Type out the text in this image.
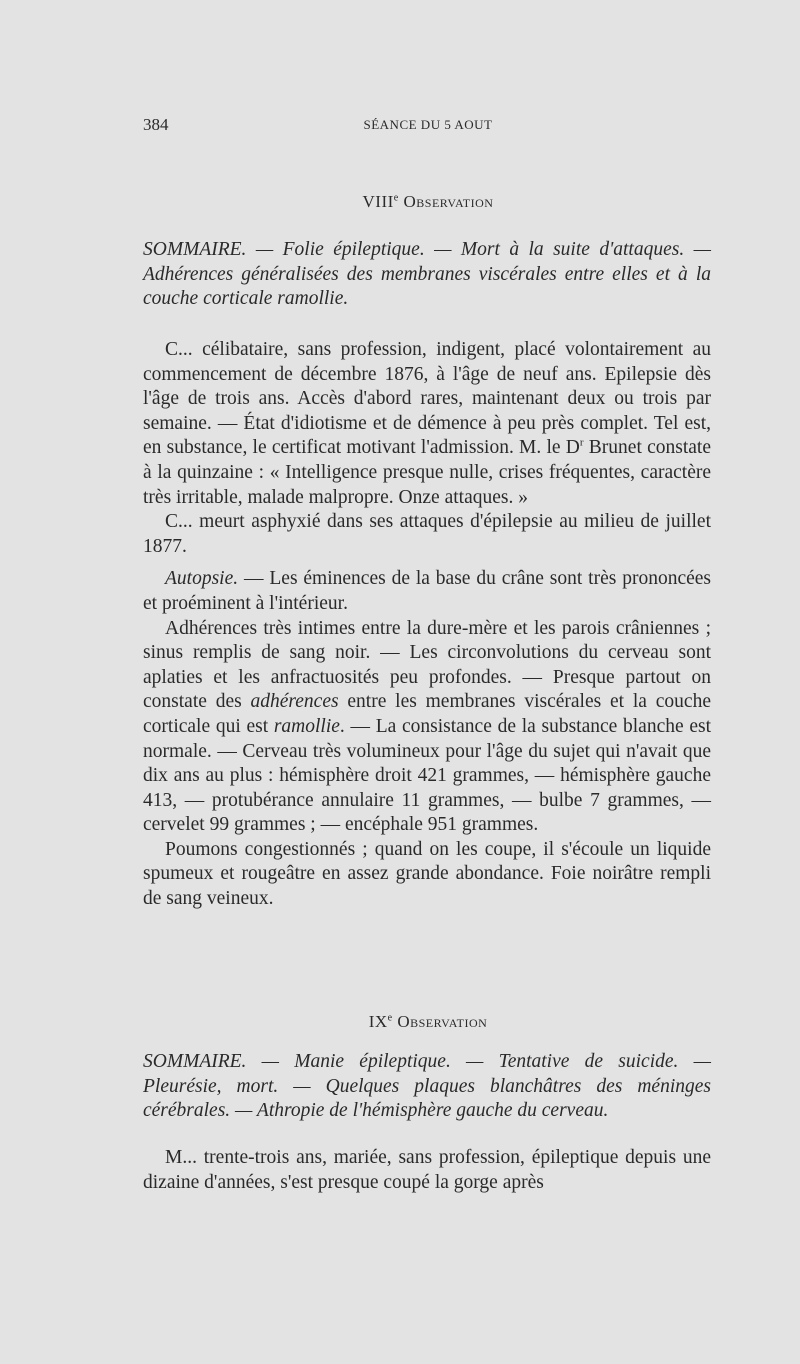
384	SÉANCE DU 5 AOUT
VIIIe Observation

SOMMAIRE. — Folie épileptique. — Mort à la suite d'attaques. — Adhérences généralisées des membranes viscérales entre elles et à la couche corticale ramollie.

C... célibataire, sans profession, indigent, placé volontairement au commencement de décembre 1876, à l'âge de neuf ans. Epilepsie dès l'âge de trois ans. Accès d'abord rares, maintenant deux ou trois par semaine. — État d'idiotisme et de démence à peu près complet. Tel est, en substance, le certificat motivant l'admission. M. le $D^r$ Brunet constate à la quinzaine : « Intelligence presque nulle, crises fréquentes, caractère très irritable, malade malpropre. Onze attaques. »

C... meurt asphyxié dans ses attaques d'épilepsie au milieu de juillet 1877.

Autopsie. — Les éminences de la base du crâne sont très prononcées et proéminent à l'intérieur.

Adhérences très intimes entre la dure-mère et les parois crâniennes ; sinus remplis de sang noir. — Les circonvolutions du cerveau sont aplaties et les anfractuosités peu profondes. — Presque partout on constate des adhérences entre les membranes viscérales et la couche corticale qui est ramollie. — La consistance de la substance blanche est normale. — Cerveau très volumineux pour l'âge du sujet qui n'avait que dix ans au plus : hémisphère droit 421 grammes, — hémisphère gauche 413, — protubérance annulaire 11 grammes, — bulbe 7 grammes, — cervelet 99 grammes ; — encéphale 951 grammes.

Poumons congestionnés ; quand on les coupe, il s'écoule un liquide spumeux et rougeâtre en assez grande abondance. Foie noirâtre rempli de sang veineux.

IXe Observation

SOMMAIRE. — Manie épileptique. — Tentative de suicide. — Pleurésie, mort. — Quelques plaques blanchâtres des méninges cérébrales. — Athropie de l'hémisphère gauche du cerveau.

M... trente-trois ans, mariée, sans profession, épileptique depuis une dizaine d'années, s'est presque coupé la gorge après
